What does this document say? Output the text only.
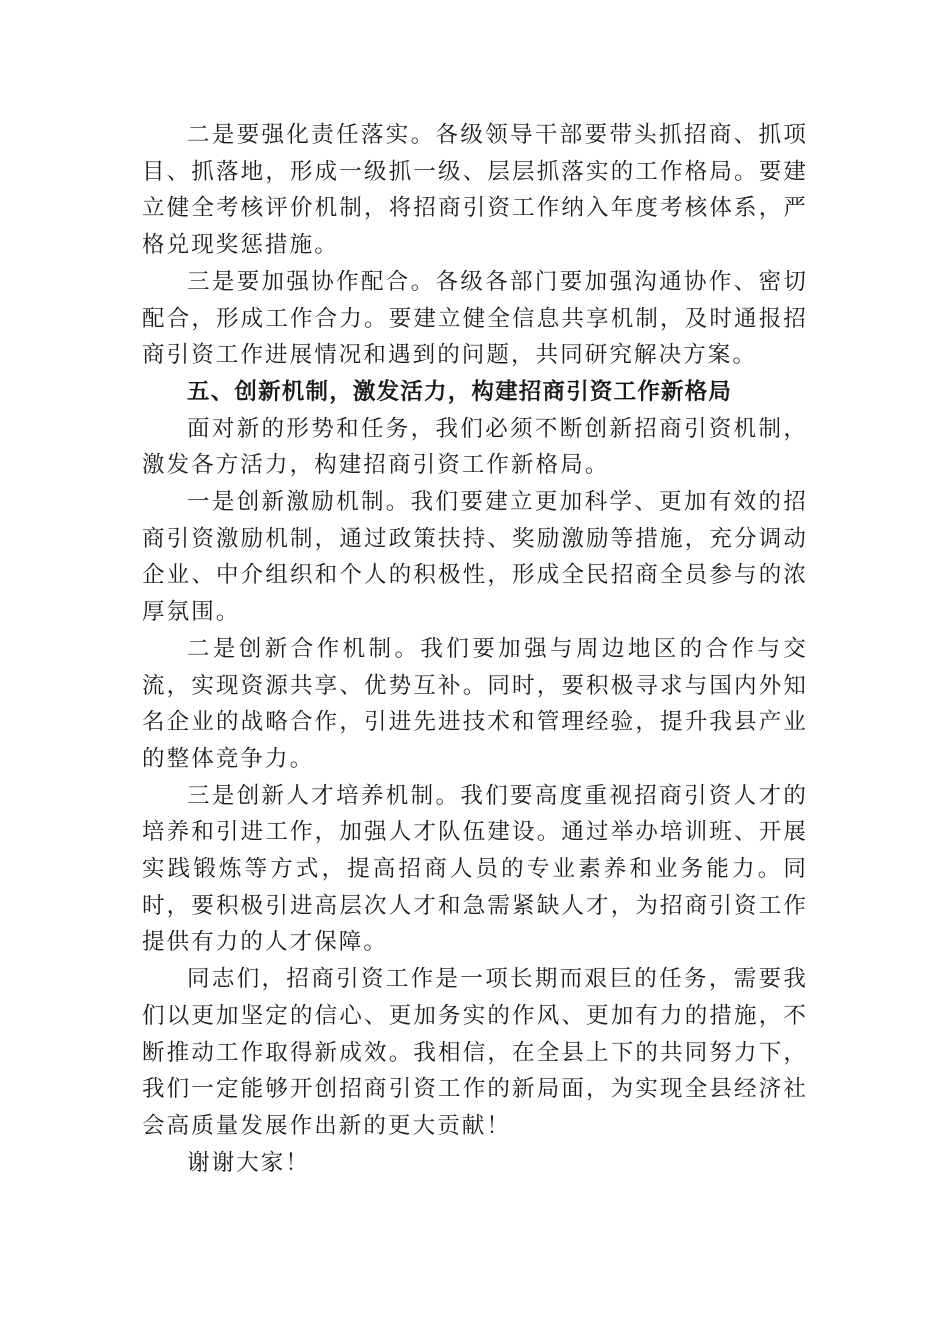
二是要强化责任落实。各级领导干部要带头抓招商、抓项目、抓落地，形成一级抓一级、层层抓落实的工作格局。要建立健全考核评价机制，将招商引资工作纳入年度考核体系，严格兑现奖惩措施。

三是要加强协作配合。各级各部门要加强沟通协作、密切配合，形成工作合力。要建立健全信息共享机制，及时通报招商引资工作进展情况和遇到的问题，共同研究解决方案。

五、创新机制，激发活力，构建招商引资工作新格局

面对新的形势和任务，我们必须不断创新招商引资机制，激发各方活力，构建招商引资工作新格局。

一是创新激励机制。我们要建立更加科学、更加有效的招商引资激励机制，通过政策扶持、奖励激励等措施，充分调动企业、中介组织和个人的积极性，形成全民招商全员参与的浓厚氛围。

二是创新合作机制。我们要加强与周边地区的合作与交流，实现资源共享、优势互补。同时，要积极寻求与国内外知名企业的战略合作，引进先进技术和管理经验，提升我县产业的整体竞争力。

三是创新人才培养机制。我们要高度重视招商引资人才的培养和引进工作，加强人才队伍建设。通过举办培训班、开展实践锻炼等方式，提高招商人员的专业素养和业务能力。同时，要积极引进高层次人才和急需紧缺人才，为招商引资工作提供有力的人才保障。

同志们，招商引资工作是一项长期而艰巨的任务，需要我们以更加坚定的信心、更加务实的作风、更加有力的措施，不断推动工作取得新成效。我相信，在全县上下的共同努力下，我们一定能够开创招商引资工作的新局面，为实现全县经济社会高质量发展作出新的更大贡献！

谢谢大家！
